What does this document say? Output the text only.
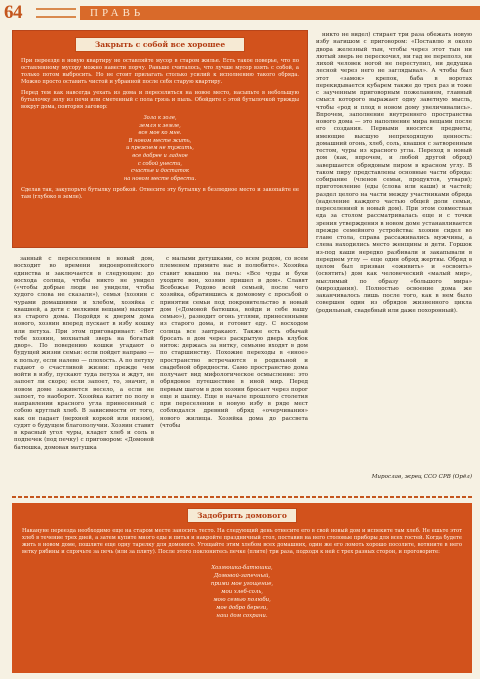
64	ПРАВЬ
Закрыть с собой все хорошее

При переезде в новую квартиру не оставляйте мусор в старом жилье. Есть такое поверье, что по оставленному мусору можно навести порчу. Раньше считалось, что лучше мусор взять с собой, а только потом выбросить. Но не стоит прилагать столько усилий к исполнению такого обряда. Можно просто оставить чистой и убранной после себя старую квартиру.

Перед тем как навсегда уехать из дома и переселиться на новое место, насыпьте в небольшую бутылочку золу из печи или сметенный с пола грязь и пыль. Обойдите с этой бутылочкой трижды вокруг дома, повторяя заговор:

Зола к золе,
земля к земле,
все мое ко мне.
В новом месте жить,
и прежнем не тужить,
все добрее и ладное
с собой унести,
счастье и достаток
на новом месте обрести.

Сделав так, закупорьте бутылку пробкой. Отнесите эту бутылку в безлюдное место и закопайте ее там (глубоко в земле).

занный с переселением в новый дом, восходит во времени индоевропейского единства и заключается в следующем: до восхода солнца, чтобы никто не увидел («чтобы добрые люди не увидели, чтобы худого слова не сказали»), семья (хозяин с чурами домашними и хлебом, хозяйка с квашней, а дети с мелкими вещами) выходит из старого дома. Подойдя к дверям дома нового, хозяин вперед пускает в избу кошку или петуха. При этом приговаривает: «Вот тебе хозяин, мохнатый зверь на богатый двор». По поведению кошки угадают о будущей жизни семьи: если пойдет направо — к пользу, если налево — плохость. А по петуху гадают о счастливой жизни: прежде чем войти в избу, пускают туда петуха и ждут, не запоет ли скоро; если запоет, то, значит, в новом доме заживется весело, а если не запоет, то наоборот. Хозяйка катит по полу в направлении красного угла принесенный с собою круглый хлеб. В зависимости от того, как он падает (верхней коркой или низом), судят о будущем благополучии. Хозяин ставит в красный угол чуры, кладет хлеб и соль в подпечек (под печку) с приговором: «Домовой батюшка, домовая матушка

с малыми детушками, со всем родом, со всем племенем примите нас и полюбите». Хозяйка ставит квашню на печь: «Все чуды и бухи уходите вон, хозяин пришел в дом». Славят Всебожье Родово всей семьей, после чего хозяйка, обратившись к домовому с просьбой о принятии семьи под покровительство в новый дом («Домовой батюшка, войди и себе нашу семью»), разводит огонь углями, принесенными из старого дома, и готовит еду. С восходом солнца все завтракают. Также есть обычай бросать в дом через раскрытую дверь клубок ниток: держась за нитку, семьяне входят в дом по старшинству. Похожие переходы в «иное» пространство встречаются в родильной и свадебной обрядности. Само пространство дома получает вид мифологическое осмысление: это обрядовое путешествие в иной мир. Перед первым шагом в дом хозяин бросает через порог еще и шапку. Еще в начале прошлого столетия при переселении в новую избу в ряде мест соблюдался древний обряд «очерчивания» нового жилища. Хозяйка дома до рассвета (чтобы

никто не видел) стирает три раза обежать новую избу нагишом с приговором: «Поставлю я около двора железный тын, чтобы через этот тын ни лютый зверь не перескочил, ни гад не переполз, ни лихой человек ногой не переступил, ни дедушка лесной через него не заглядывал». А чтобы был этот «замок» крепок, баба в воротах перекидывается кубарем также до трех раз и тоже с заученным приговорным пожеланием, главный смысл которого выражает одну заветную мысль, чтобы «род и плод в новом дому увеличивались». Впрочем, заполнение внутреннего пространства нового дома — это наполнение мира вещами после его создания. Первыми вносятся предметы, имеющие высшую непреходящую ценность: домашний огонь, хлеб, соль, квашня с затворенным тестом, чуры из красного угла. Переход в новый дом (как, впрочем, и любой другой обряд) завершается обрядовым пиром в красном углу. В таком пиру представлены основные части обряда: собирание (членов семьи, продуктов, утвари); приготовление (еды (слова или каши) и частей; раздел целого на части между участниками обряда (наделение каждого частью общей доли семьи, переселенией в новый дом). При этом совместная еда за столом рассматривалась еще и с точки зрения утверждения в новом доме устанавливается прежде семейного устройства: хозяин сидел во главе стола, справа рассаживались мужчины, а слева находились место женщины и дети. Горшок из-под каши нередко разбивали и закапывали в переднем углу — еще один обряд жертвы. Обряд в целом был призван «оживить» и «освоить» (освятить) дом как человеческий «малый мир», мыслимый по образу «большого мира» (мироздания). Полностью освоение дома же заканчивалось лишь после того, как в нем было совершен один из обрядов жизненного цикла (родильный, свадебный или даже похоронный).

Мирослав, жрец ССО СРВ (Орёл)
Задобрить домового

Накануне переезда необходимо еще на старом месте заносить тесто. На следующий день отнесите его в свой новый дом и испеките там хлеб. Не ешьте этот хлеб в течение трех дней, а затем купите много еды и питья и накройте праздничный стол, поставив на него столовые приборы для всех гостей. Когда будете жить в новом доме, пошлите еще одну тарелку для домового. Угощайте этим хлебом всех домашних, один же его ломоть хорошо посолите, вотяните в него ветку рябины и спрячьте за печь (или за плиту). После этого поклонитесь печке (плите) три раза, подходя к ней с трех разных сторон, и проговорите:

Хозяюшка-батюшка,
Домовой-запечный,
прими мое угощение,
мои хлеб-соль,
мою семью полюби,
мое добро береги,
наш дом сохрани.
